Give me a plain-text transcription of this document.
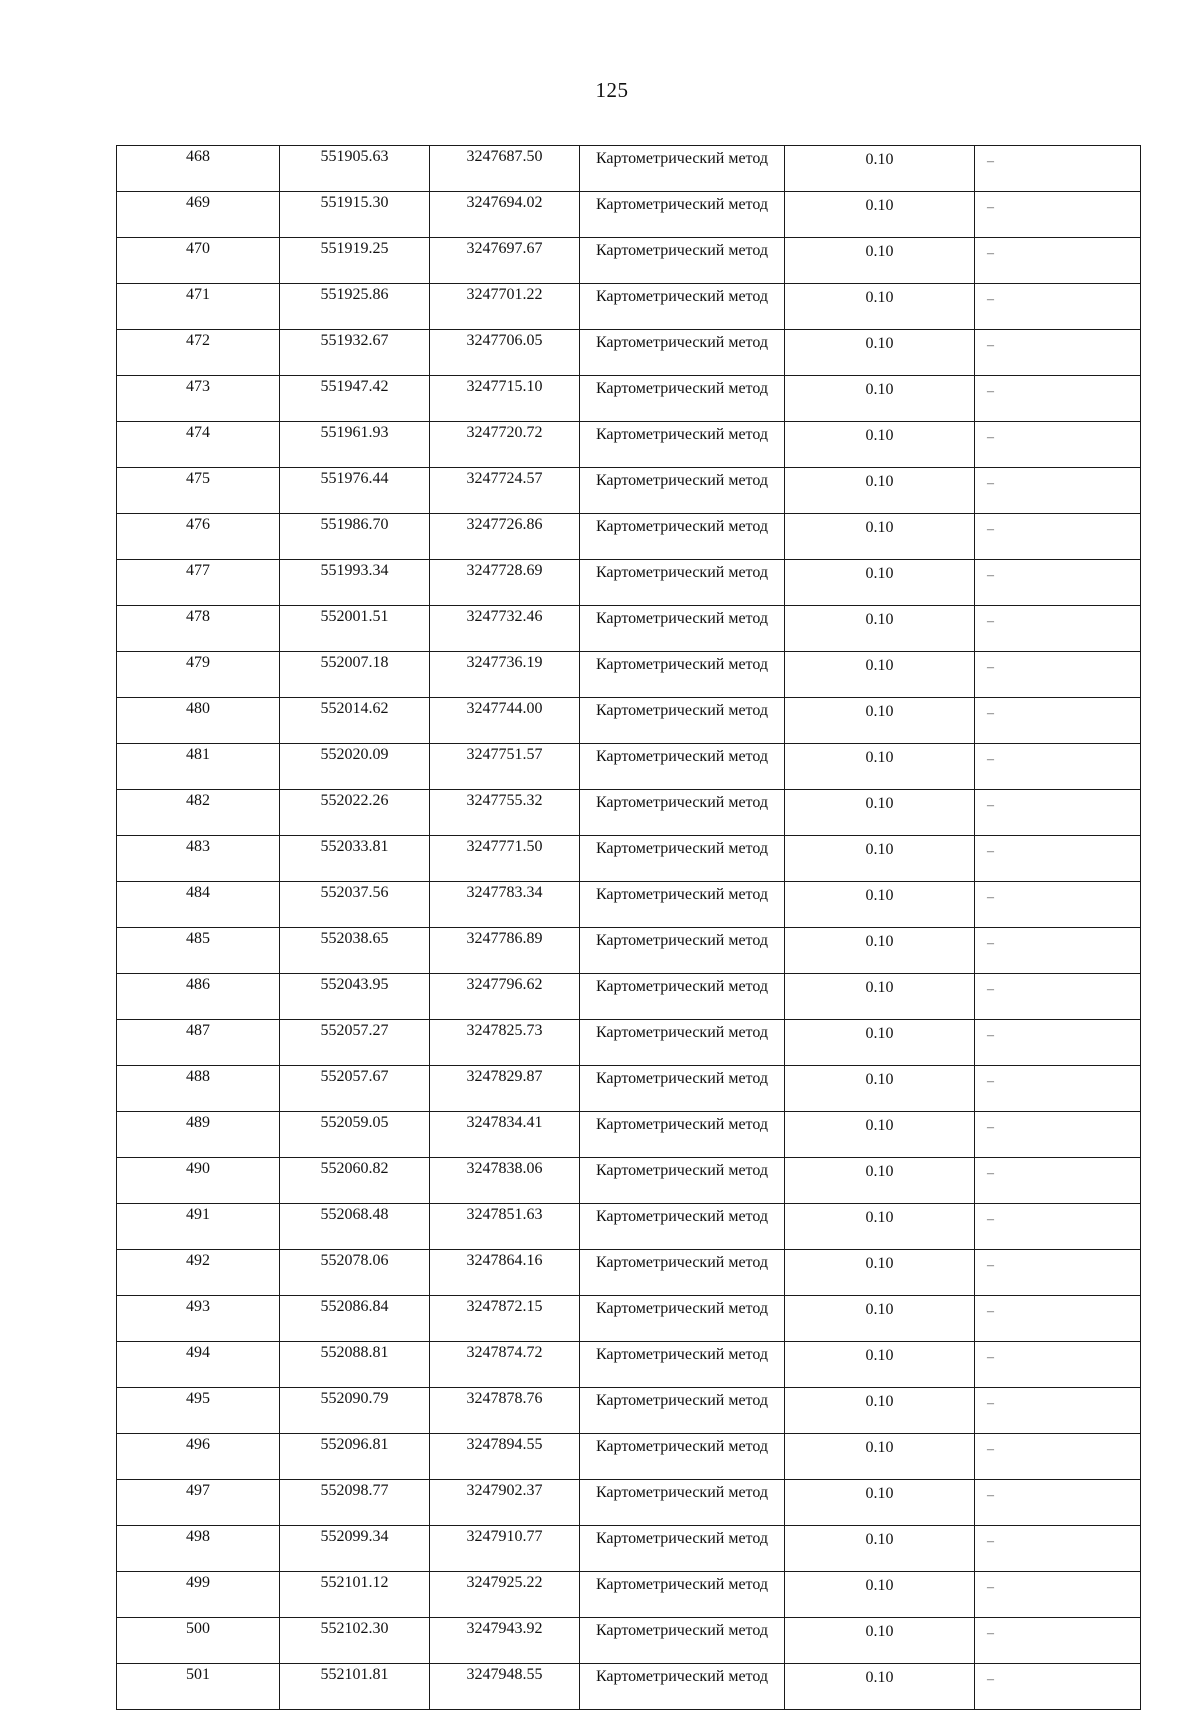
125
468	551905.63	3247687.50	Картометрический метод	0.10	–
469	551915.30	3247694.02	Картометрический метод	0.10	–
470	551919.25	3247697.67	Картометрический метод	0.10	–
471	551925.86	3247701.22	Картометрический метод	0.10	–
472	551932.67	3247706.05	Картометрический метод	0.10	–
473	551947.42	3247715.10	Картометрический метод	0.10	–
474	551961.93	3247720.72	Картометрический метод	0.10	–
475	551976.44	3247724.57	Картометрический метод	0.10	–
476	551986.70	3247726.86	Картометрический метод	0.10	–
477	551993.34	3247728.69	Картометрический метод	0.10	–
478	552001.51	3247732.46	Картометрический метод	0.10	–
479	552007.18	3247736.19	Картометрический метод	0.10	–
480	552014.62	3247744.00	Картометрический метод	0.10	–
481	552020.09	3247751.57	Картометрический метод	0.10	–
482	552022.26	3247755.32	Картометрический метод	0.10	–
483	552033.81	3247771.50	Картометрический метод	0.10	–
484	552037.56	3247783.34	Картометрический метод	0.10	–
485	552038.65	3247786.89	Картометрический метод	0.10	–
486	552043.95	3247796.62	Картометрический метод	0.10	–
487	552057.27	3247825.73	Картометрический метод	0.10	–
488	552057.67	3247829.87	Картометрический метод	0.10	–
489	552059.05	3247834.41	Картометрический метод	0.10	–
490	552060.82	3247838.06	Картометрический метод	0.10	–
491	552068.48	3247851.63	Картометрический метод	0.10	–
492	552078.06	3247864.16	Картометрический метод	0.10	–
493	552086.84	3247872.15	Картометрический метод	0.10	–
494	552088.81	3247874.72	Картометрический метод	0.10	–
495	552090.79	3247878.76	Картометрический метод	0.10	–
496	552096.81	3247894.55	Картометрический метод	0.10	–
497	552098.77	3247902.37	Картометрический метод	0.10	–
498	552099.34	3247910.77	Картометрический метод	0.10	–
499	552101.12	3247925.22	Картометрический метод	0.10	–
500	552102.30	3247943.92	Картометрический метод	0.10	–
501	552101.81	3247948.55	Картометрический метод	0.10	–
